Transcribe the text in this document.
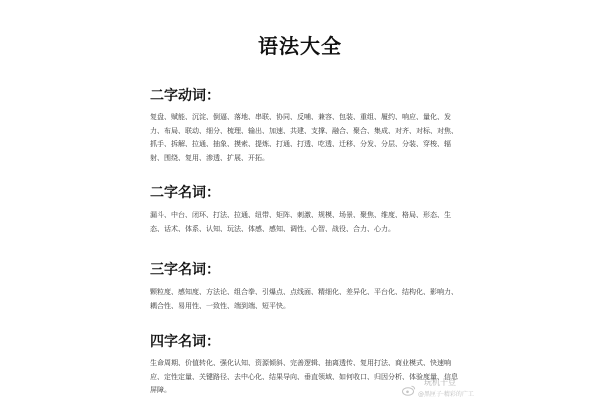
语法大全
二字动词：
复盘、赋能、沉淀、倒逼、落地、串联、协同、反哺、兼容、包装、重组、履约、响应、量化、发力、布局、联动、细分、梳理、输出、加速、共建、支撑、融合、聚合、集成、对齐、对标、对焦、抓手、拆解、拉通、抽象、摸索、提炼、打通、打透、吃透、迁移、分发、分层、分装、穿梭、辐射、围绕、复用、渗透、扩展、开拓。
二字名词：
漏斗、中台、闭环、打法、拉通、纽带、矩阵、刺激、规模、场景、聚焦、维度、格局、形态、生态、话术、体系、认知、玩法、体感、感知、调性、心智、战役、合力、心力。
三字名词：
颗粒度、感知度、方法论、组合拳、引爆点、点线面、精细化、差异化、平台化、结构化、影响力、耦合性、易用性、一致性、端到端、短平快。
四字名词：
生命周期、价值转化、强化认知、资源倾斜、完善逻辑、抽离透传、复用打法、商业模式、快速响应、定性定量、关键路径、去中心化、结果导向、垂直领域、如何收口、归因分析、体验度量、信息屏障。
玩机十豆
@黑匣子·精彩的广工
